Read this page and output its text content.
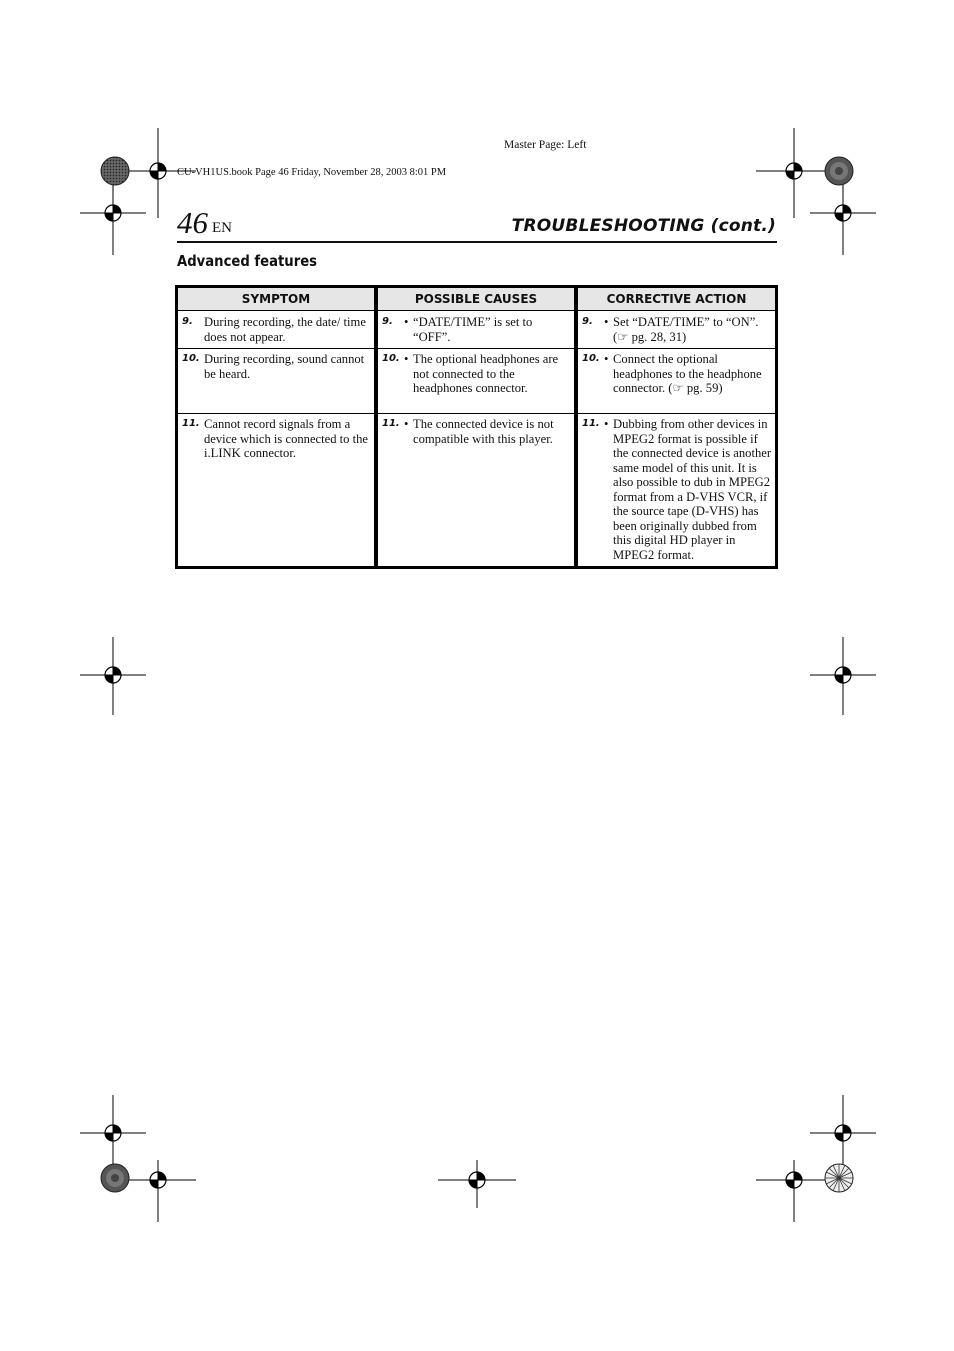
Master Page: Left
CU-VH1US.book Page 46 Friday, November 28, 2003 8:01 PM
46 EN	TROUBLESHOOTING (cont.)
Advanced features
SYMPTOM
9. During recording, the date/ time does not appear.
10. During recording, sound cannot be heard.
11. Cannot record signals from a device which is connected to the i.LINK connector.
POSSIBLE CAUSES
9. • “DATE/TIME” is set to “OFF”.
10. • The optional headphones are not connected to the headphones connector.
11. • The connected device is not compatible with this player.
CORRECTIVE ACTION
9. • Set “DATE/TIME” to “ON”. (☞ pg. 28, 31)
10. • Connect the optional headphones to the headphone connector. (☞ pg. 59)
11. • Dubbing from other devices in MPEG2 format is possible if the connected device is another same model of this unit. It is also possible to dub in MPEG2 format from a D-VHS VCR, if the source tape (D-VHS) has been originally dubbed from this digital HD player in MPEG2 format.
